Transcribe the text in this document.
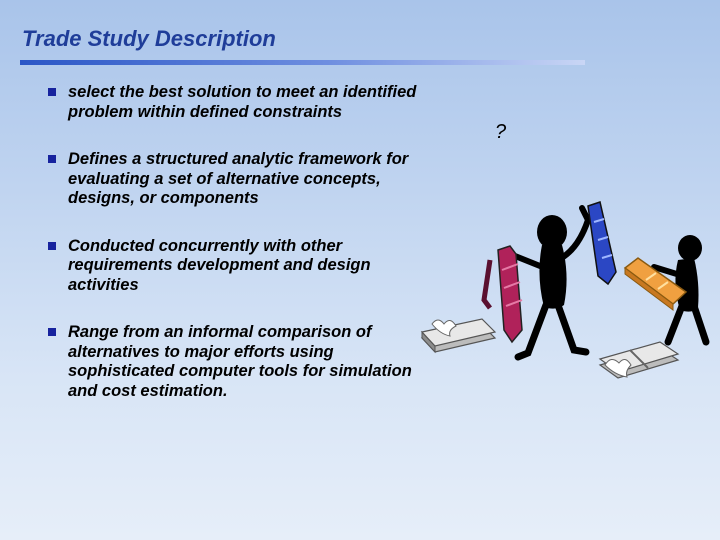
Trade Study Description
select the best solution to meet an identified problem within defined constraints
Defines a structured analytic framework for evaluating a set of alternative concepts, designs, or components
Conducted concurrently with other requirements development and design activities
Range from an informal comparison of alternatives to major efforts using sophisticated computer tools for simulation and cost estimation.
?
